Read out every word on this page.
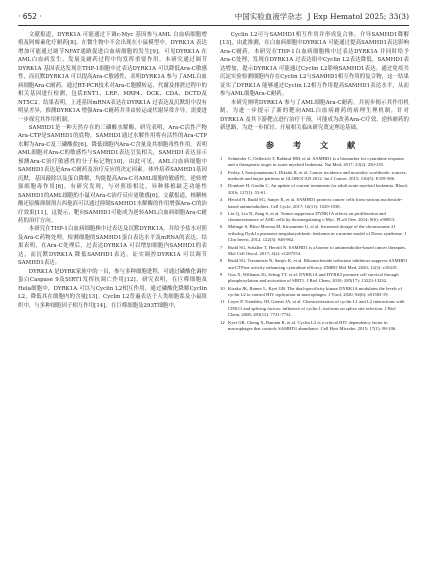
· 652 ·	中国实验血液学杂志 J Exp Hematol 2025; 33(3)

文献报道，DYRK1A 可能通过下调c-Myc 基因参与AML 白血病细胞增殖及阿霉素化疗耐药[8]。在微生物中不会出现在小鼠模型中，DYRK1A 表达增加可能通过调节NFAT通路促进白血病细胞的发生[9]。可见DYRK1A 在AML白血病发生、发展及耐药过程中均发挥重要作用。本研究通过调节DYRK1A 基因表达发现在THP-1细胞中过表达DYRK1A 可以降低Ara-C敏感性，而沉默DYRK1A 可以提高Ara-C敏感性，表明DYRK1A 参与了AML白血病细胞Ara-C耐药。通过RT-PCR技术对Ara-C胞膜转运、代谢及排泄过程中的相关基因进行检测，包括ENT1、LRP、MRP4、DCK、CDA、DCTD及NT5C2。结果表明，上述基因mRNA表达在DYRK1A 过表达及沉默组中没有明显差异，推测DYRK1A 增强Ara-C耐药并非由转运或代谢异常介导，需要进一步探究其作用机制。

SAMHD1是一种天然存在的三磷酸水解酶，研究表明，Ara-C活性产物Ara-CTP是SAMHD1的底物，SAMHD1通过水解作用将有活性的Ara-CTP水解为Ara-C及三磷酸盐[6]，降低细胞内Ara-C含量及其细胞毒性作用。表明AML细胞对Ara-C的敏感性与SAMHD1表达呈负相关，SAMHD1表达显示预测Ara-C治疗敏感性的分子标记物[10]，由此可见，AML白血病细胞中SAMHD1表达是Ara-C耐药及治疗反应的决定因素。体外培养SAMHD1基因沉默，基因敲除以及蛋白降解，均能提高Ara-C对AML细胞的敏感性，逆转增强细胞毒作用[6]，有研究发现，与对照组相比，异种移植缺乏功能性SAMHD1的AML细胞的小鼠对Ara-C治疗反应更敏感[6]。文献报道，核糖核酸还原酶抑制剂吉西他滨可以通过抑制SAMHD1水解酶的作用增强Ara-C的治疗效果[11]。这提示，靶向SAMHD1可能成为逆转AML白血病细胞Ara-C耐药的治疗方向。

本研究在THP-1白血病细胞株中过表达及沉默DYRK1A，并给予盐水对照及Ara-C药物处理，检测细胞的SAMHD1蛋白表达水平及mRNA的表达。结果表明，在Ara-C处理后，过表达DYRK1A 可以增加细胞内SAMHD1的表达，而沉默DYRK1A 降低SAMHD1表达，证实调控DYRK1A 可以调节SAMHD1表达。

DYRK1A 是DYRK家族中的一员，参与多种细胞进程，可通过磷酸化调控蛋白Caspase 9及SIRT1发挥抗凋亡作用[12]。研究表明，在巨噬细胞及Hela细胞中，DYRK1A 可以与Cyclin L2相互作用，通过磷酸化降解Cyclin L2，降低其在细胞内的含量[13]。Cyclin L2普遍表达于人类细胞系及小鼠组织中，与多种细胞因子相互作用[14]。在巨噬细胞及293T细胞中，

Cyclin L2可与SAMHD1相互作用并形成复合体，介导SAMHD1降解[13]，由此推测，在白血病细胞中DYRK1A 可能通过提高SAMHD1表达影响Ara-C耐药，本研究在THP-1白血病细胞株中过表达DYRK1A 并同时给予Ara-C处理，发现在DYRK1A 过表达组中Cyclin L2表达降低，SAMHD1表达增加，提示DYRK1A 可能通过Cyclin L2影响SAMHD1表达。通过免疫共沉淀实验检测细胞内存在Cyclin L2与SAMHD1相互作用的复合物，这一结果证实了DYRK1A 能够通过Cyclin L2相互作用提高SAMHD1表达水平，从而参与AML细胞Ara-C耐药。

本研究阐明DYRK1A 参与了AML细胞Ara-C耐药，并初步揭示其作用机制，为进一步提示了新的靶向AML白血病耐药的病理生理机制，针对DYRK1A 及其下游靶点进行治疗干预，可能成为改善Ara-C疗效、逆转耐药的新思路，为进一步探讨、开展相关临床研究奠定理论基础。

参 考 文 献
1	Schneider C, Oellerich T, Baldauf HM, et al. SAMHD1 is a biomarker for cytarabine response and a therapeutic target in acute myeloid leukemia. Nat Med, 2017; 23(2): 250-255.
2	Ferlay J, Soerjomataram I, Dikshit R, et al. Cancer incidence and mortality worldwide: sources, methods and major patterns in GLOBOCAN 2012. Int J Cancer, 2015; 136(5): E359-386.
3	Dombret H, Gardin C. An update of current treatments for adult acute myeloid leukemia. Blood, 2016; 127(1): 53-61.
4	Herold N, Rudd SG, Sanjiv K, et al. SAMHD1 protects cancer cells from various nucleoside-based antimetabolites. Cell Cycle, 2017; 16(11): 1029-1038.
5	Liu Q, Liu N, Zang S, et al. Tumor suppressor DYRK1A effects on proliferation and chemoresistance of AML cells by downregulating c-Myc. PLoS One, 2014; 9(6): e98853.
6	Malinge S, Bliss-Moreau M, Kirsammer G, et al. Increased dosage of the chromosome 21 ortholog Dyrk1a promotes megakaryoblastic leukemia in a murine model of Down syndrome. J Clin Invest, 2012; 122(3): 948-962.
7	Rudd SG, Schaller T, Herold N. SAMHD1 is a barrier to antimetabolite-based cancer therapies. Mol Cell Oncol, 2017; 4(2): e1287554.
8	Rudd SG, Tsesmetzis N, Sanjiv K, et al. Ribonucleotide reductase inhibitors suppress SAMHD1 ara-CTPase activity enhancing cytarabine efficacy. EMBO Mol Med, 2020; 12(3): e10419.
9	Guo X, Williams JG, Schug TT, et al. DYRK1A and DYRK3 promote cell survival through phosphorylation and activation of SIRT1. J Biol Chem, 2010; 285(17): 13223-13232.
10 Kisaka JK, Ratner L, Kyei GB. The dual-specificity kinase DYRK1A modulates the levels of cyclin L2 to control HIV replication in macrophages. J Virol, 2020; 94(6): e01583-19.
11 Loyer P, Trembley JH, Grenet JA, et al. Characterization of cyclin L1 and L2 interactions with CDK11 and splicing factors: influence of cyclin L isoforms on splice site selection. J Biol Chem, 2008; 283(12): 7721-7732.
12 Kyei GB, Cheng X, Ramani R, et al. Cyclin L2 is a critical HIV dependency factor in macrophages that controls SAMHD1 abundance. Cell Host Microbe, 2015; 17(1): 98-106.
